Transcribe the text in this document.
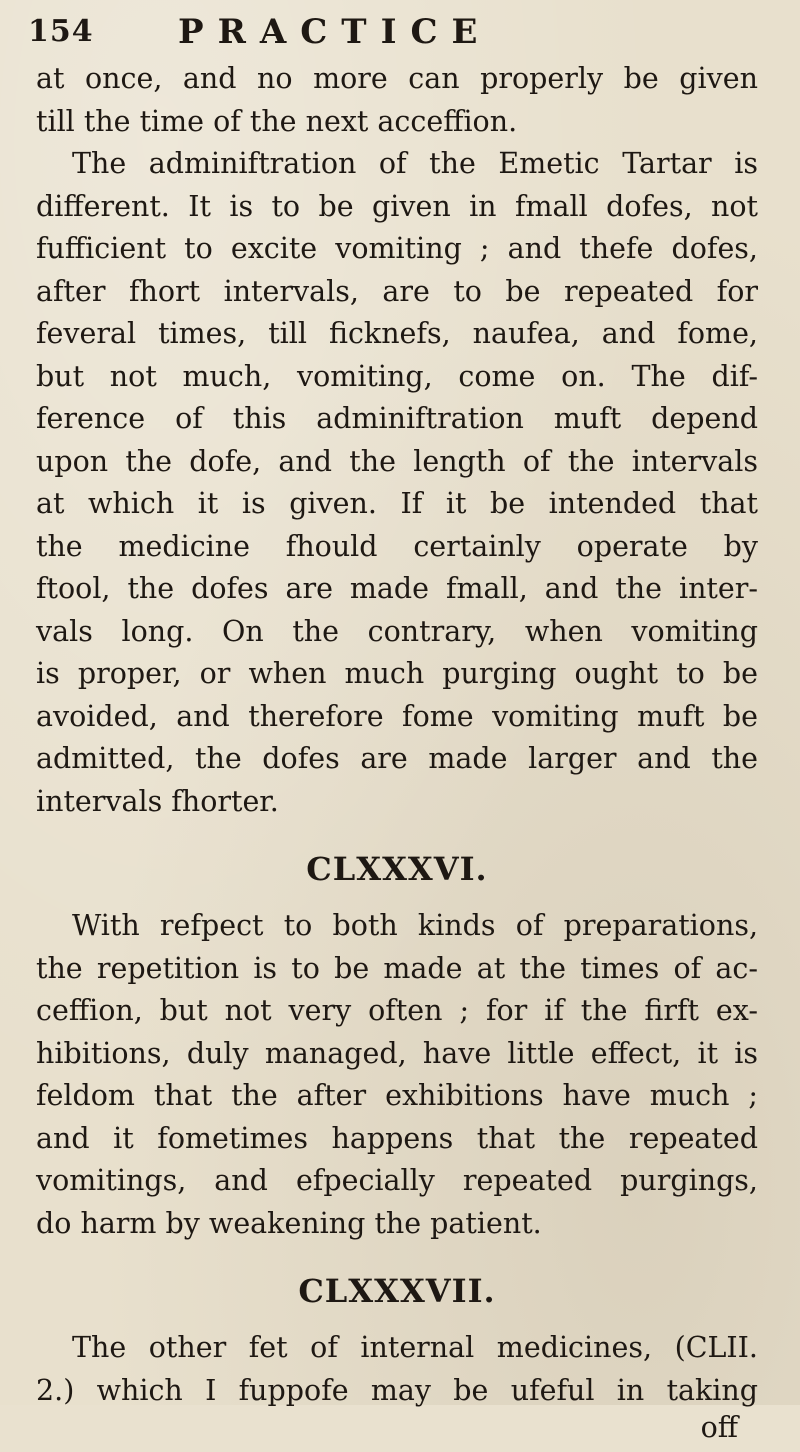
154 PRACTICE
at once, and no more can properly be given
till the time of the next acceffion.
The adminiftration of the Emetic Tartar is
different. It is to be given in fmall dofes, not
fufficient to excite vomiting ; and thefe dofes,
after fhort intervals, are to be repeated for
feveral times, till ficknefs, naufea, and fome,
but not much, vomiting, come on. The dif-
ference of this adminiftration muft depend
upon the dofe, and the length of the intervals
at which it is given. If it be intended that
the medicine fhould certainly operate by
ftool, the dofes are made fmall, and the inter-
vals long. On the contrary, when vomiting
is proper, or when much purging ought to be
avoided, and therefore fome vomiting muft be
admitted, the dofes are made larger and the
intervals fhorter.
CLXXXVI.
With refpect to both kinds of preparations,
the repetition is to be made at the times of ac-
ceffion, but not very often ; for if the firft ex-
hibitions, duly managed, have little effect, it is
feldom that the after exhibitions have much ;
and it fometimes happens that the repeated
vomitings, and efpecially repeated purgings,
do harm by weakening the patient.
CLXXXVII.
The other fet of internal medicines, (CLII.
2.) which I fuppofe may be ufeful in taking
off
